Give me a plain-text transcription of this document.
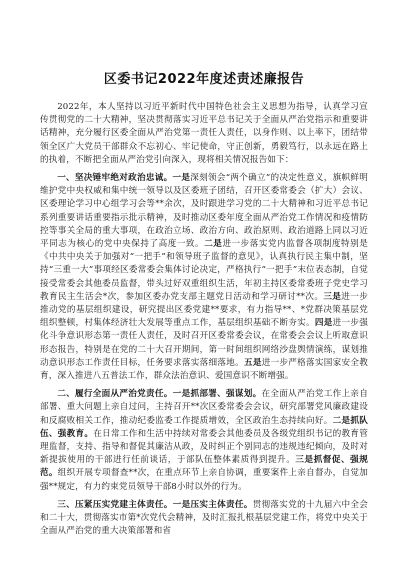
区委书记2022年度述责述廉报告

2022年，本人坚持以习近平新时代中国特色社会主义思想为指导，认真学习宣传贯彻党的二十大精神，坚决贯彻落实习近平总书记关于全面从严治党指示和重要讲话精神，充分履行区委全面从严治党第一责任人责任，以身作则、以上率下，团结带领全区广大党员干部群众不忘初心、牢记使命，守正创新，勇毅笃行，以永远在路上的执着，不断把全面从严治党引向深入，现将相关情况报告如下：

一、坚决锤牢绝对政治忠诚。一是深刻领会“两个确立”的决定性意义，旗帜鲜明维护党中央权威和集中统一领导以及区委班子团结，召开区委常委会（扩大）会议、区委理论学习中心组学习会等**余次，及时跟进学习党的二十大精神和习近平总书记系列重要讲话重要指示批示精神，及时推动区委年度全面从严治党工作情况和疫情防控等事关全局的重大事项，在政治立场、政治方向、政治原则、政治道路上同以习近平同志为核心的党中央保持了高度一致。二是进一步落实党内监督各项制度特别是《中共中央关于加强对“一把手”和领导班子监督的意见》，认真执行民主集中制，坚持“三重一大”事项经区委常委会集体讨论决定，严格执行“一把手”末位表态制，自觉接受常委会其他委员监督，带头过好双重组织生活，年初主持区委常委班子党史学习教育民主生活会*次，参加区委办党支部主题党日活动和学习研讨**次。三是进一步推动党的基层组织建设，研究提出区委党建**要求，有力指导**、*党群决策基层党组织整顿，村集体经济壮大发展等重点工作，基层组织基础不断夯实。四是进一步强化斗争意识形态第一责任人责任，及时召开区委常委会议，在常委会会议上听取意识形态报告，特别是在党的二十大召开期间，第一时间组织网络沙盘舆情演练，谋划推动意识形态工作责任目标，任务要求落实落细落地。五是进一步严格落实国家安全教育，深入推进八五普法工作，群众法治意识、爱国意识不断增强。

二、履行全面从严治党责任。一是抓部署、强谋划。在全面从严治党工作上亲自部署、重大问题上亲自过问，主持召开**次区委常委会会议，研究部署党风廉政建设和反腐败相关工作，推动纪委监委工作提质增效，全区政治生态持续向好。二是抓队伍、强教育。在日常工作和生活中持续对常委会其他委员及各级党组织书记的教育管理监督，支持、指导和督促其廉洁从政，及时纠正个别同志的违规违纪倾向，及时对新提拔使用的干部进行任前谈话，于部队伍整体素质得到提升。三是抓督促、强规范。组织开展专项督查**次，在重点环节上亲自协调，重要案件上亲自督办，自觉加强**规定，有力约束党员领导干部8小时以外的行为。

三、压紧压实党建主体责任。一是压实主体责任。贯彻落实党的十九届六中全会和二十大，贯彻落实市第*次党代会精神，及时汇报扎根基层党建工作，将党中央关于全面从严治党的重大决策部署和省
